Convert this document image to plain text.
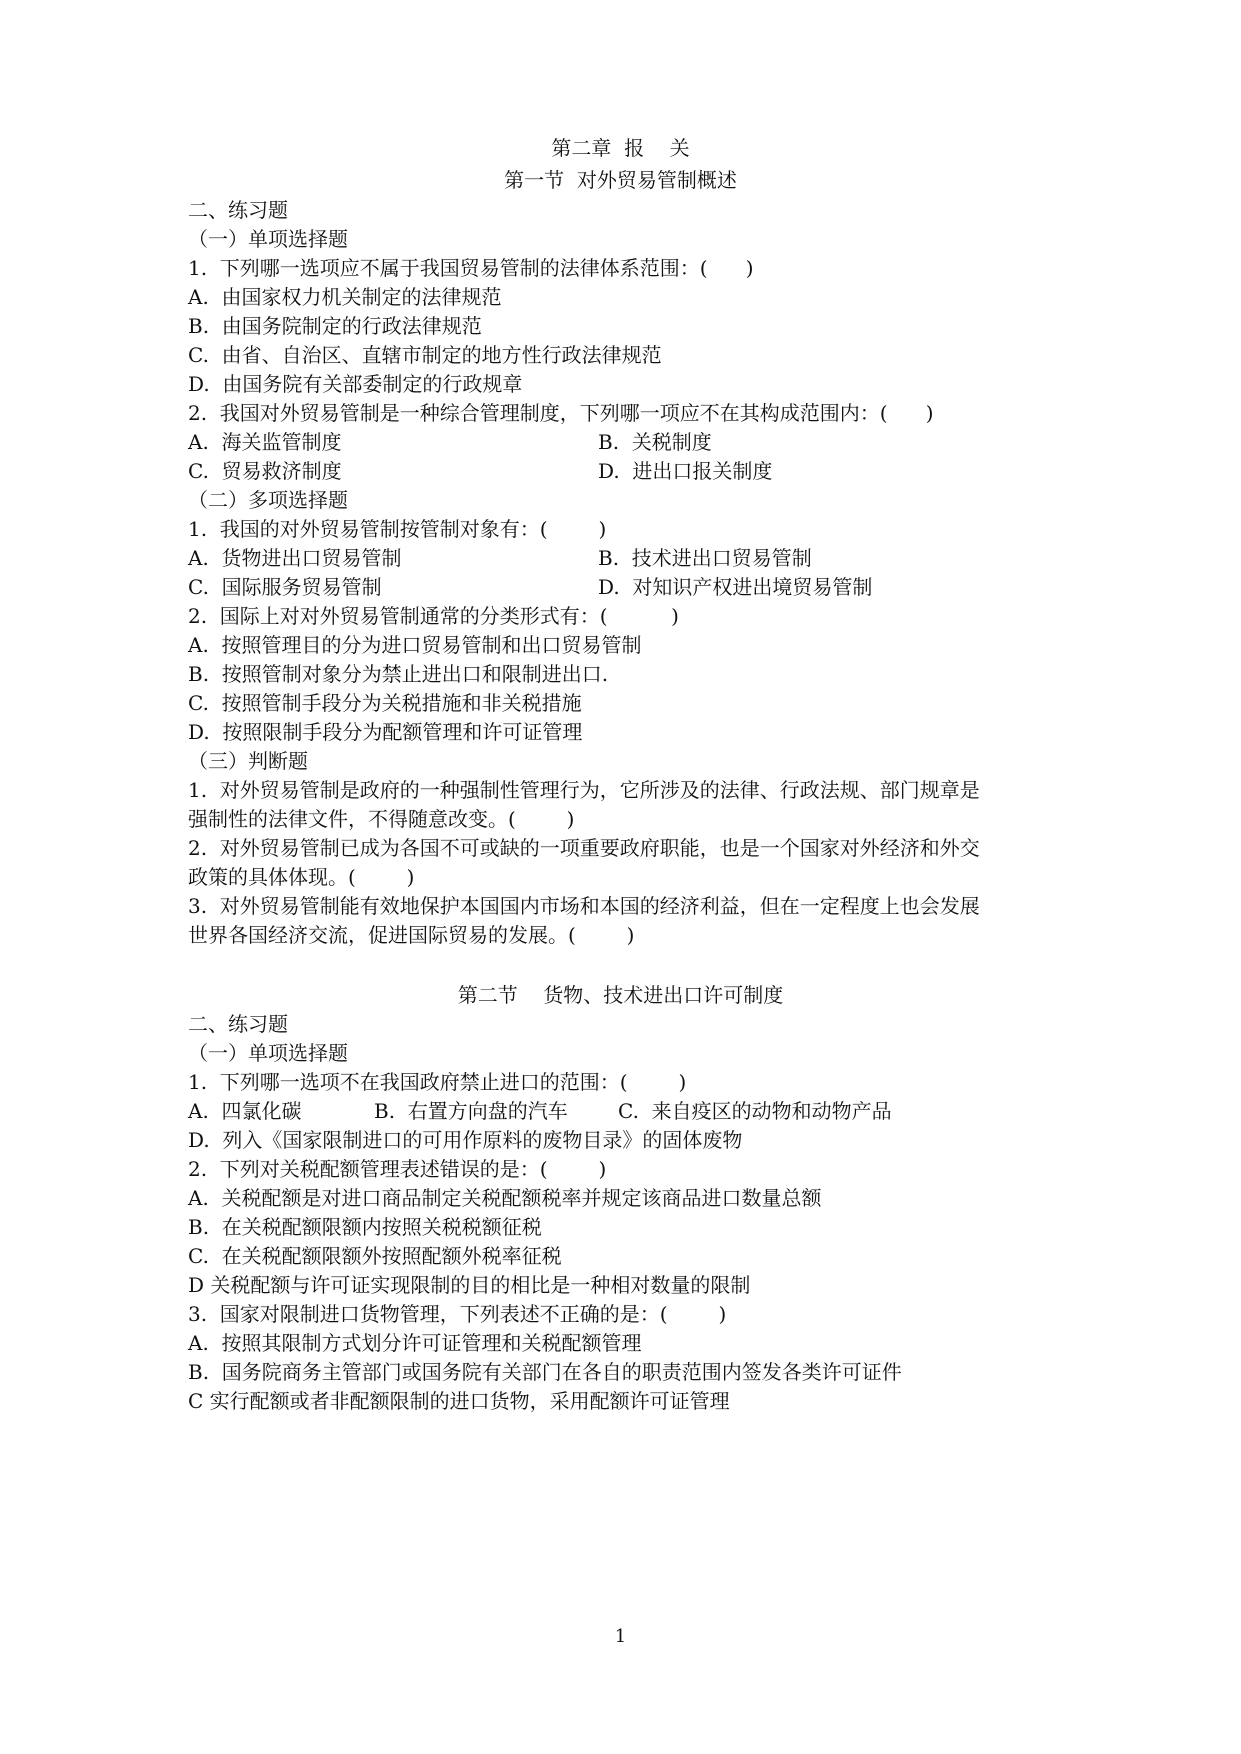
第二章  报    关

第一节  对外贸易管制概述

二、练习题

（一）单项选择题

1.  下列哪一选项应不属于我国贸易管制的法律体系范围：(      )

A.  由国家权力机关制定的法律规范

B.  由国务院制定的行政法律规范

C.  由省、自治区、直辖市制定的地方性行政法律规范

D.  由国务院有关部委制定的行政规章

2.  我国对外贸易管制是一种综合管理制度，下列哪一项应不在其构成范围内：(      )

A.  海关监管制度	B.  关税制度

C.  贸易救济制度	D.  进出口报关制度

（二）多项选择题

1.  我国的对外贸易管制按管制对象有：(        )

A.  货物进出口贸易管制	B.  技术进出口贸易管制

C.  国际服务贸易管制	D.  对知识产权进出境贸易管制

2.  国际上对对外贸易管制通常的分类形式有：(          )

A.  按照管理目的分为进口贸易管制和出口贸易管制

B.  按照管制对象分为禁止进出口和限制进出口.

C.  按照管制手段分为关税措施和非关税措施

D.  按照限制手段分为配额管理和许可证管理

（三）判断题

1.  对外贸易管制是政府的一种强制性管理行为，它所涉及的法律、行政法规、部门规章是

强制性的法律文件，不得随意改变。(        )

2.  对外贸易管制已成为各国不可或缺的一项重要政府职能，也是一个国家对外经济和外交

政策的具体体现。(        )

3.  对外贸易管制能有效地保护本国国内市场和本国的经济利益，但在一定程度上也会发展

世界各国经济交流，促进国际贸易的发展。(        )

第二节    货物、技术进出口许可制度

二、练习题

（一）单项选择题

1.  下列哪一选项不在我国政府禁止进口的范围：(        )

A.  四氯化碳	B.  右置方向盘的汽车	C.  来自疫区的动物和动物产品

D.  列入《国家限制进口的可用作原料的废物目录》的固体废物

2.  下列对关税配额管理表述错误的是：(        )

A.  关税配额是对进口商品制定关税配额税率并规定该商品进口数量总额

B.  在关税配额限额内按照关税税额征税

C.  在关税配额限额外按照配额外税率征税

D 关税配额与许可证实现限制的目的相比是一种相对数量的限制

3.  国家对限制进口货物管理，下列表述不正确的是：(        )

A.  按照其限制方式划分许可证管理和关税配额管理

B.  国务院商务主管部门或国务院有关部门在各自的职责范围内签发各类许可证件

C 实行配额或者非配额限制的进口货物，采用配额许可证管理

1
